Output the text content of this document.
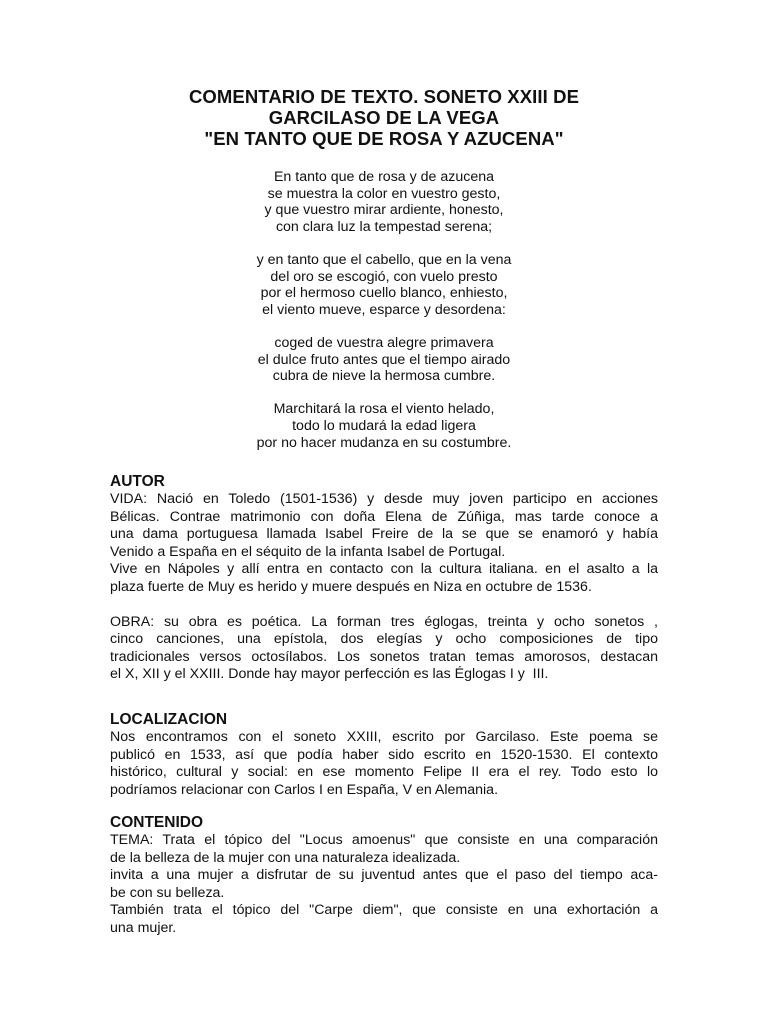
COMENTARIO DE TEXTO. SONETO XXIII DE
GARCILASO DE LA VEGA
"EN TANTO QUE DE ROSA Y AZUCENA"
En tanto que de rosa y de azucena
se muestra la color en vuestro gesto,
y que vuestro mirar ardiente, honesto,
con clara luz la tempestad serena;
y en tanto que el cabello, que en la vena
del oro se escogió, con vuelo presto
por el hermoso cuello blanco, enhiesto,
el viento mueve, esparce y desordena:
coged de vuestra alegre primavera
el dulce fruto antes que el tiempo airado
cubra de nieve la hermosa cumbre.
Marchitará la rosa el viento helado,
todo lo mudará la edad ligera
por no hacer mudanza en su costumbre.
AUTOR
VIDA: Nació en Toledo (1501-1536) y desde muy joven participo en acciones
Bélicas. Contrae matrimonio con doña Elena de Zúñiga, mas tarde conoce a
una dama portuguesa llamada Isabel Freire de la se que se enamoró y había
Venido a España en el séquito de la infanta Isabel de Portugal.
Vive en Nápoles y allí entra en contacto con la cultura italiana. en el asalto a la
plaza fuerte de Muy es herido y muere después en Niza en octubre de 1536.
OBRA: su obra es poética. La forman tres églogas, treinta y ocho sonetos ,
cinco canciones, una epístola, dos elegías y ocho composiciones de tipo
tradicionales versos octosílabos. Los sonetos tratan temas amorosos, destacan
el X, XII y el XXIII. Donde hay mayor perfección es las Églogas I y  III.
LOCALIZACION
Nos encontramos con el soneto XXIII, escrito por Garcilaso. Este poema se
publicó en 1533, así que podía haber sido escrito en 1520-1530. El contexto
histórico, cultural y social: en ese momento Felipe II era el rey. Todo esto lo
podríamos relacionar con Carlos I en España, V en Alemania.
CONTENIDO
TEMA: Trata el tópico del "Locus amoenus" que consiste en una comparación
de la belleza de la mujer con una naturaleza idealizada.
invita a una mujer a disfrutar de su juventud antes que el paso del tiempo aca-
be con su belleza.
También trata el tópico del "Carpe diem", que consiste en una exhortación a
una mujer.
